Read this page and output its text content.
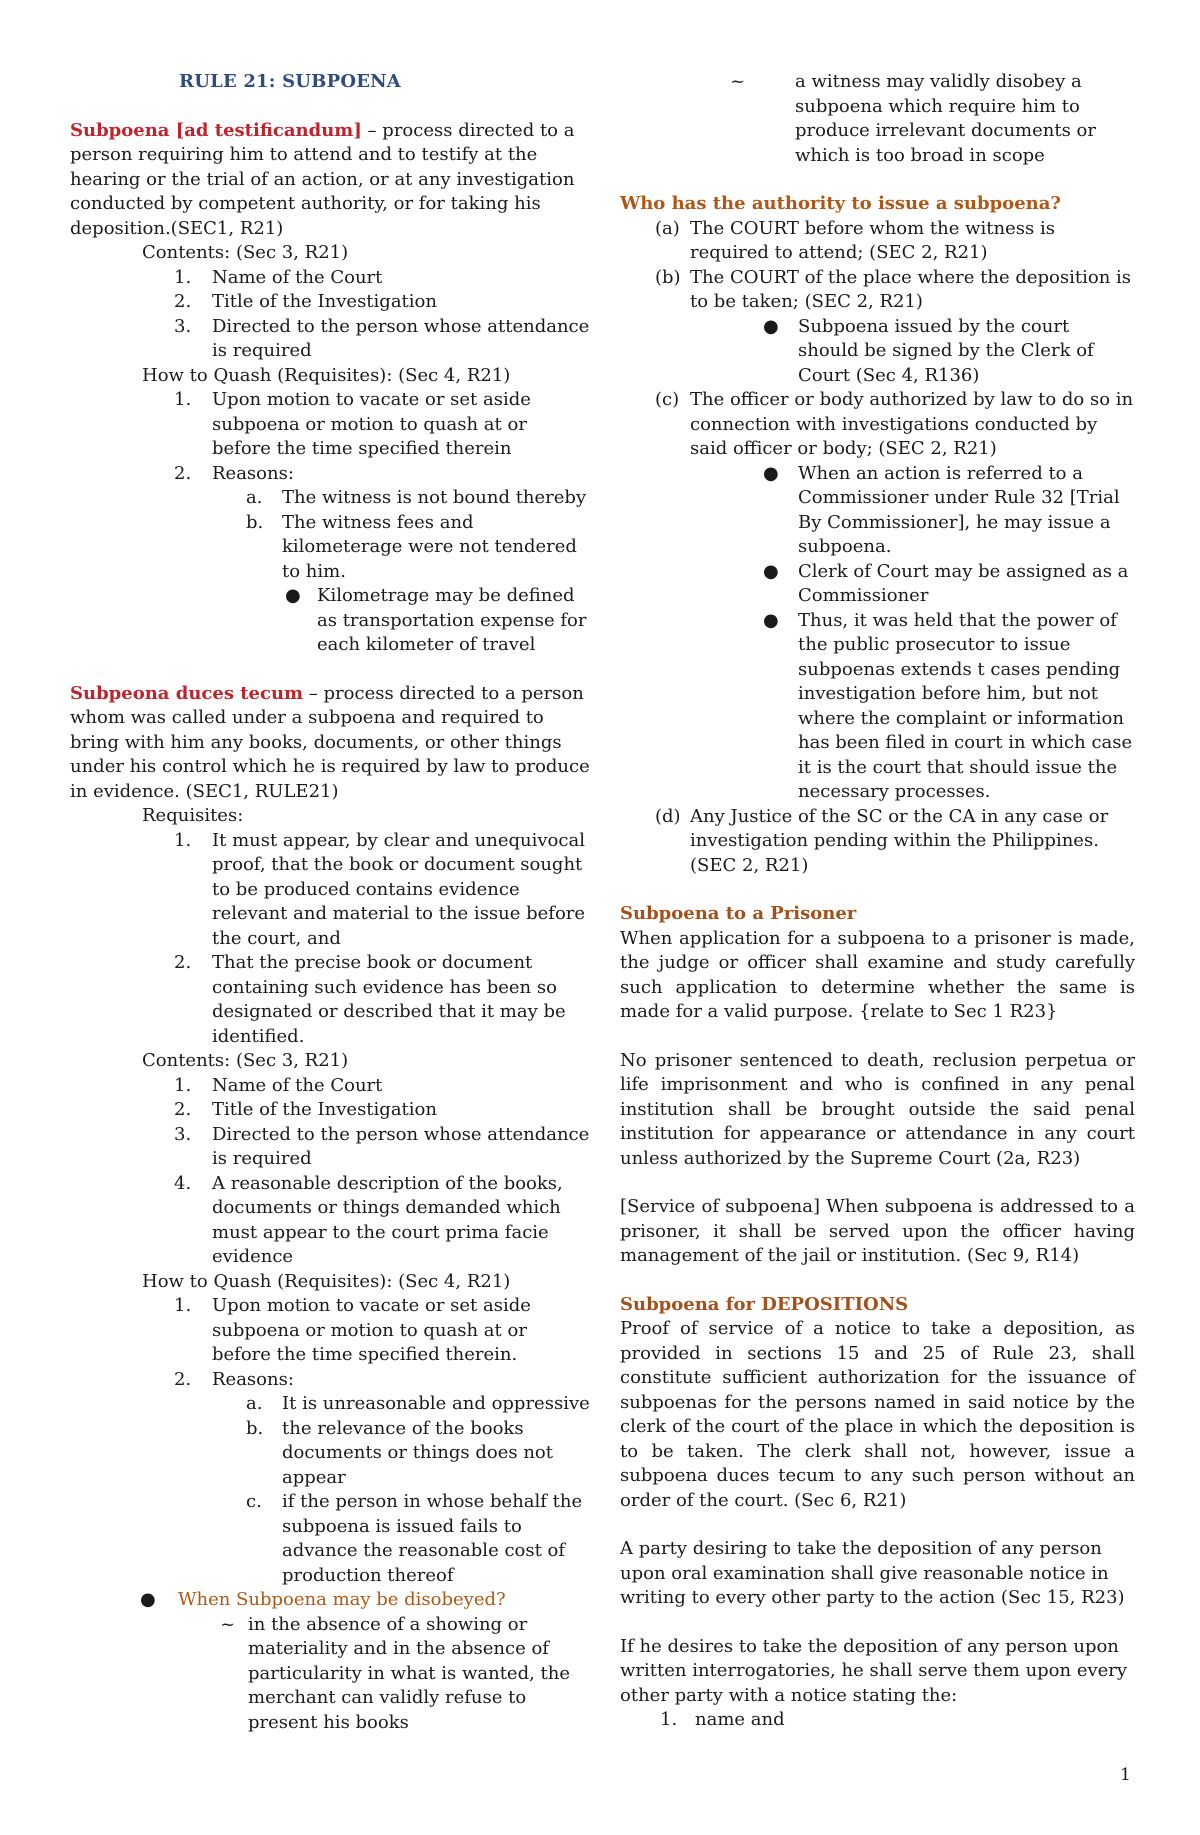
RULE 21: SUBPOENA

Subpoena [ad testificandum] – process directed to a person requiring him to attend and to testify at the hearing or the trial of an action, or at any investigation conducted by competent authority, or for taking his deposition.(SEC1, R21)

Contents: (Sec 3, R21)

1. Name of the Court
2. Title of the Investigation
3. Directed to the person whose attendance is required

How to Quash (Requisites): (Sec 4, R21)

1. Upon motion to vacate or set aside subpoena or motion to quash at or before the time specified therein
2. Reasons:
a. The witness is not bound thereby
b. The witness fees and kilometerage were not tendered to him.
● Kilometrage may be defined as transportation expense for each kilometer of travel

Subpeona duces tecum – process directed to a person whom was called under a subpoena and required to bring with him any books, documents, or other things under his control which he is required by law to produce in evidence. (SEC1, RULE21)

Requisites:

1. It must appear, by clear and unequivocal proof, that the book or document sought to be produced contains evidence relevant and material to the issue before the court, and
2. That the precise book or document containing such evidence has been so designated or described that it may be identified.

Contents: (Sec 3, R21)

1. Name of the Court
2. Title of the Investigation
3. Directed to the person whose attendance is required
4. A reasonable description of the books, documents or things demanded which must appear to the court prima facie evidence

How to Quash (Requisites): (Sec 4, R21)

1. Upon motion to vacate or set aside subpoena or motion to quash at or before the time specified therein.
2. Reasons:
a. It is unreasonable and oppressive
b. the relevance of the books documents or things does not appear
c. if the person in whose behalf the subpoena is issued fails to advance the reasonable cost of production thereof
● When Subpoena may be disobeyed?
~ in the absence of a showing or materiality and in the absence of particularity in what is wanted, the merchant can validly refuse to present his books
~	a witness may validly disobey a subpoena which require him to produce irrelevant documents or which is too broad in scope

Who has the authority to issue a subpoena?

(a) The COURT before whom the witness is required to attend; (SEC 2, R21)
(b) The COURT of the place where the deposition is to be taken; (SEC 2, R21)
● Subpoena issued by the court should be signed by the Clerk of Court (Sec 4, R136)
(c) The officer or body authorized by law to do so in connection with investigations conducted by said officer or body; (SEC 2, R21)
● When an action is referred to a Commissioner under Rule 32 [Trial By Commissioner], he may issue a subpoena.
● Clerk of Court may be assigned as a Commissioner
● Thus, it was held that the power of the public prosecutor to issue subpoenas extends t cases pending investigation before him, but not where the complaint or information has been filed in court in which case it is the court that should issue the necessary processes.
(d) Any Justice of the SC or the CA in any case or investigation pending within the Philippines. (SEC 2, R21)

Subpoena to a Prisoner

When application for a subpoena to a prisoner is made, the judge or officer shall examine and study carefully such application to determine whether the same is made for a valid purpose. {relate to Sec 1 R23}

No prisoner sentenced to death, reclusion perpetua or life imprisonment and who is confined in any penal institution shall be brought outside the said penal institution for appearance or attendance in any court unless authorized by the Supreme Court (2a, R23)

[Service of subpoena] When subpoena is addressed to a prisoner, it shall be served upon the officer having management of the jail or institution. (Sec 9, R14)

Subpoena for DEPOSITIONS

Proof of service of a notice to take a deposition, as provided in sections 15 and 25 of Rule 23, shall constitute sufficient authorization for the issuance of subpoenas for the persons named in said notice by the clerk of the court of the place in which the deposition is to be taken. The clerk shall not, however, issue a subpoena duces tecum to any such person without an order of the court. (Sec 6, R21)

A party desiring to take the deposition of any person upon oral examination shall give reasonable notice in writing to every other party to the action (Sec 15, R23)

If he desires to take the deposition of any person upon written interrogatories, he shall serve them upon every other party with a notice stating the:

1. name and
1
